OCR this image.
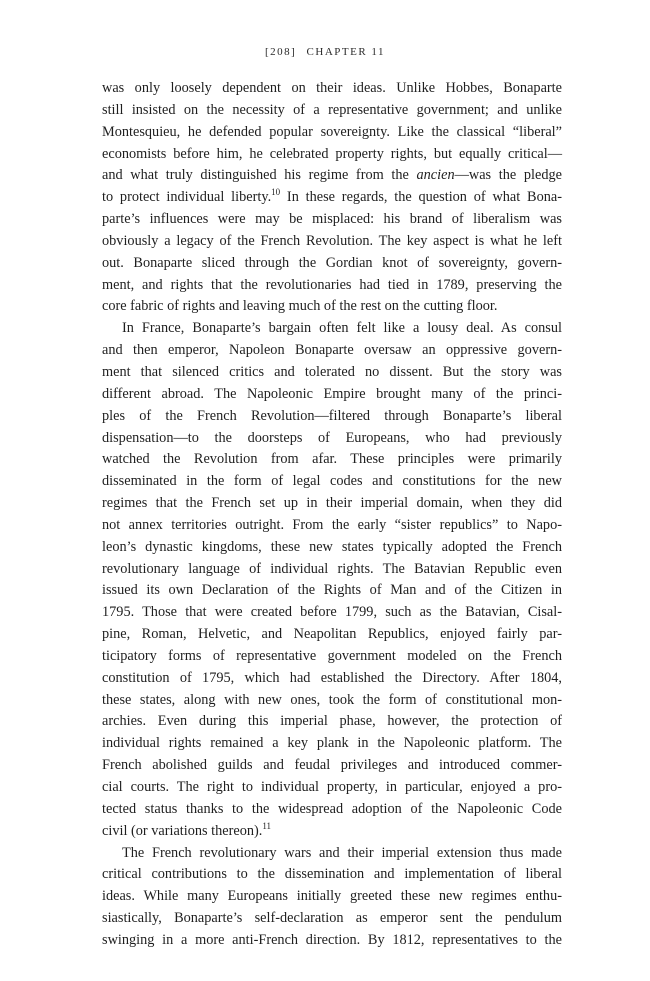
[208] CHAPTER 11
was only loosely dependent on their ideas. Unlike Hobbes, Bonaparte
still insisted on the necessity of a representative government; and unlike
Montesquieu, he defended popular sovereignty. Like the classical “liberal”
economists before him, he celebrated property rights, but equally critical—
and what truly distinguished his regime from the ancien—was the pledge
to protect individual liberty.$^{10}$ In these regards, the question of what Bona-
parte’s influences were may be misplaced: his brand of liberalism was
obviously a legacy of the French Revolution. The key aspect is what he left
out. Bonaparte sliced through the Gordian knot of sovereignty, govern-
ment, and rights that the revolutionaries had tied in 1789, preserving the
core fabric of rights and leaving much of the rest on the cutting floor.
In France, Bonaparte’s bargain often felt like a lousy deal. As consul
and then emperor, Napoleon Bonaparte oversaw an oppressive govern-
ment that silenced critics and tolerated no dissent. But the story was
different abroad. The Napoleonic Empire brought many of the princi-
ples of the French Revolution—filtered through Bonaparte’s liberal
dispensation—to the doorsteps of Europeans, who had previously
watched the Revolution from afar. These principles were primarily
disseminated in the form of legal codes and constitutions for the new
regimes that the French set up in their imperial domain, when they did
not annex territories outright. From the early “sister republics” to Napo-
leon’s dynastic kingdoms, these new states typically adopted the French
revolutionary language of individual rights. The Batavian Republic even
issued its own Declaration of the Rights of Man and of the Citizen in
1795. Those that were created before 1799, such as the Batavian, Cisal-
pine, Roman, Helvetic, and Neapolitan Republics, enjoyed fairly par-
ticipatory forms of representative government modeled on the French
constitution of 1795, which had established the Directory. After 1804,
these states, along with new ones, took the form of constitutional mon-
archies. Even during this imperial phase, however, the protection of
individual rights remained a key plank in the Napoleonic platform. The
French abolished guilds and feudal privileges and introduced commer-
cial courts. The right to individual property, in particular, enjoyed a pro-
tected status thanks to the widespread adoption of the Napoleonic Code
civil (or variations thereon).$^{11}$
The French revolutionary wars and their imperial extension thus made
critical contributions to the dissemination and implementation of liberal
ideas. While many Europeans initially greeted these new regimes enthu-
siastically, Bonaparte’s self-declaration as emperor sent the pendulum
swinging in a more anti-French direction. By 1812, representatives to the
